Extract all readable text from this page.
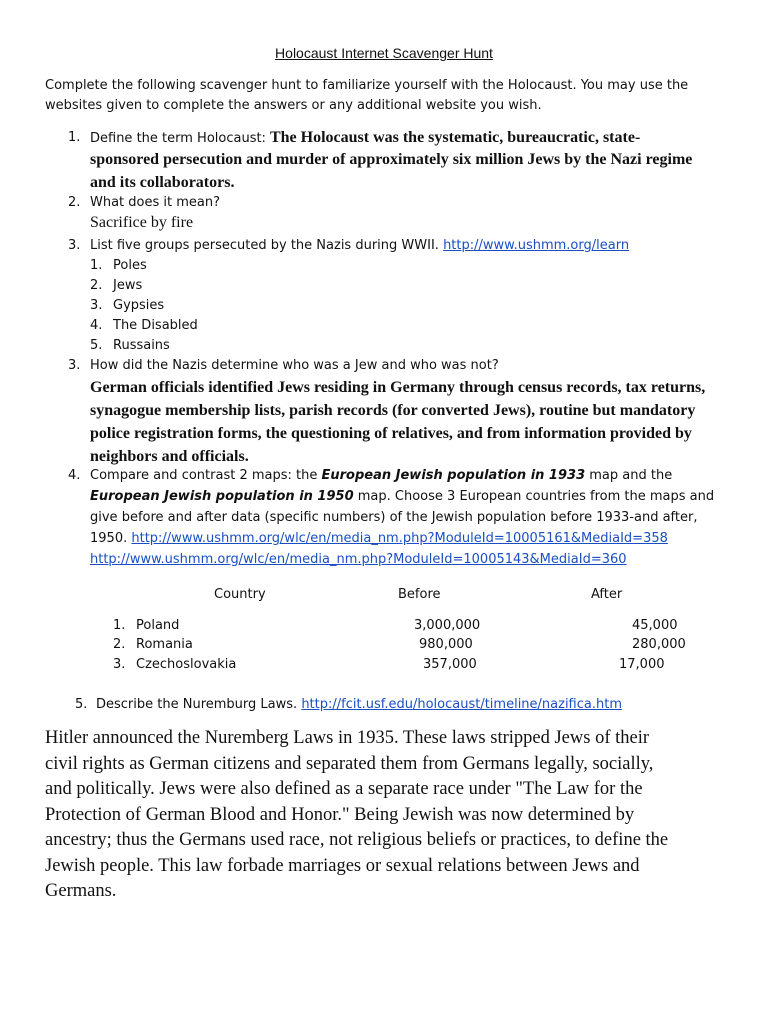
Holocaust Internet Scavenger Hunt
Complete the following scavenger hunt to familiarize yourself with the Holocaust. You may use the
websites given to complete the answers or any additional website you wish.
1. Define the term Holocaust: The Holocaust was the systematic, bureaucratic, state-
sponsored persecution and murder of approximately six million Jews by the Nazi regime
and its collaborators.
2. What does it mean?
Sacrifice by fire
3. List five groups persecuted by the Nazis during WWII. http://www.ushmm.org/learn
1. Poles
2. Jews
3. Gypsies
4. The Disabled
5. Russains
3. How did the Nazis determine who was a Jew and who was not?
German officials identified Jews residing in Germany through census records, tax returns,
synagogue membership lists, parish records (for converted Jews), routine but mandatory
police registration forms, the questioning of relatives, and from information provided by
neighbors and officials.
4. Compare and contrast 2 maps: the European Jewish population in 1933 map and the
European Jewish population in 1950 map. Choose 3 European countries from the maps and
give before and after data (specific numbers) of the Jewish population before 1933-and after,
1950. http://www.ushmm.org/wlc/en/media_nm.php?ModuleId=10005161&MediaId=358
http://www.ushmm.org/wlc/en/media_nm.php?ModuleId=10005143&MediaId=360
Country	Before	After
1. Poland	3,000,000	45,000
2. Romania	980,000	280,000
3. Czechoslovakia	357,000	17,000
5. Describe the Nuremburg Laws. http://fcit.usf.edu/holocaust/timeline/nazifica.htm
Hitler announced the Nuremberg Laws in 1935. These laws stripped Jews of their
civil rights as German citizens and separated them from Germans legally, socially,
and politically. Jews were also defined as a separate race under "The Law for the
Protection of German Blood and Honor." Being Jewish was now determined by
ancestry; thus the Germans used race, not religious beliefs or practices, to define the
Jewish people. This law forbade marriages or sexual relations between Jews and
Germans.
